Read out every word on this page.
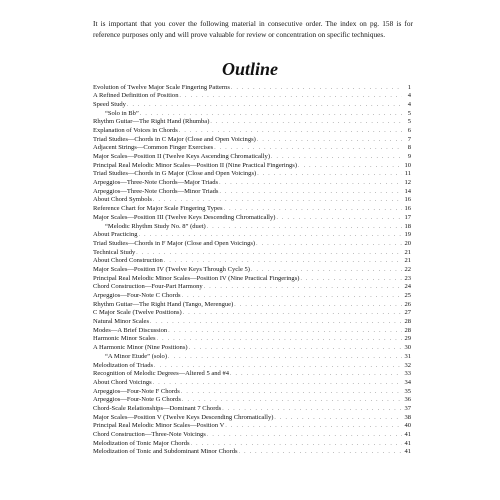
It is important that you cover the following material in consecutive order. The index on pg. 158 is for reference purposes only and will prove valuable for review or concentration on specific techniques.

Outline
Evolution of Twelve Major Scale Fingering Patterns . . .	1
A Refined Definition of Position . . .	4
Speed Study . . .	4
“Solo in Bb” . . .	5
Rhythm Guitar—The Right Hand (Rhumba) . . .	5
Explanation of Voices in Chords . . .	6
Triad Studies—Chords in C Major (Close and Open Voicings) . . .	7
Adjacent Strings—Common Finger Exercises . . .	8
Major Scales—Position II (Twelve Keys Ascending Chromatically) . . .	9
Principal Real Melodic Minor Scales—Position II (Nine Practical Fingerings) . . .	10
Triad Studies—Chords in G Major (Close and Open Voicings) . . .	11
Arpeggios—Three-Note Chords—Major Triads . . .	12
Arpeggios—Three-Note Chords—Minor Triads . . .	14
About Chord Symbols . . .	16
Reference Chart for Major Scale Fingering Types . . .	16
Major Scales—Position III (Twelve Keys Descending Chromatically) . . .	17
“Melodic Rhythm Study No. 8” (duet) . . .	18
About Practicing . . .	19
Triad Studies—Chords in F Major (Close and Open Voicings) . . .	20
Technical Study . . .	21
About Chord Construction . . .	21
Major Scales—Position IV (Twelve Keys Through Cycle 5) . . .	22
Principal Real Melodic Minor Scales—Position IV (Nine Practical Fingerings) . . .	23
Chord Construction—Four-Part Harmony . . .	24
Arpeggios—Four-Note C Chords . . .	25
Rhythm Guitar—The Right Hand (Tango, Merengue) . . .	26
C Major Scale (Twelve Positions) . . .	27
Natural Minor Scales . . .	28
Modes—A Brief Discussion . . .	28
Harmonic Minor Scales . . .	29
A Harmonic Minor (Nine Positions) . . .	30
“A Minor Etude” (solo) . . .	31
Melodization of Triads . . .	32
Recognition of Melodic Degrees—Altered 5 and #4 . . .	33
About Chord Voicings . . .	34
Arpeggios—Four-Note F Chords . . .	35
Arpeggios—Four-Note G Chords . . .	36
Chord-Scale Relationships—Dominant 7 Chords . . .	37
Major Scales—Position V (Twelve Keys Descending Chromatically) . . .	38
Principal Real Melodic Minor Scales—Position V . . .	40
Chord Construction—Three-Note Voicings . . .	41
Melodization of Tonic Major Chords . . .	41
Melodization of Tonic and Subdominant Minor Chords . . .	41
